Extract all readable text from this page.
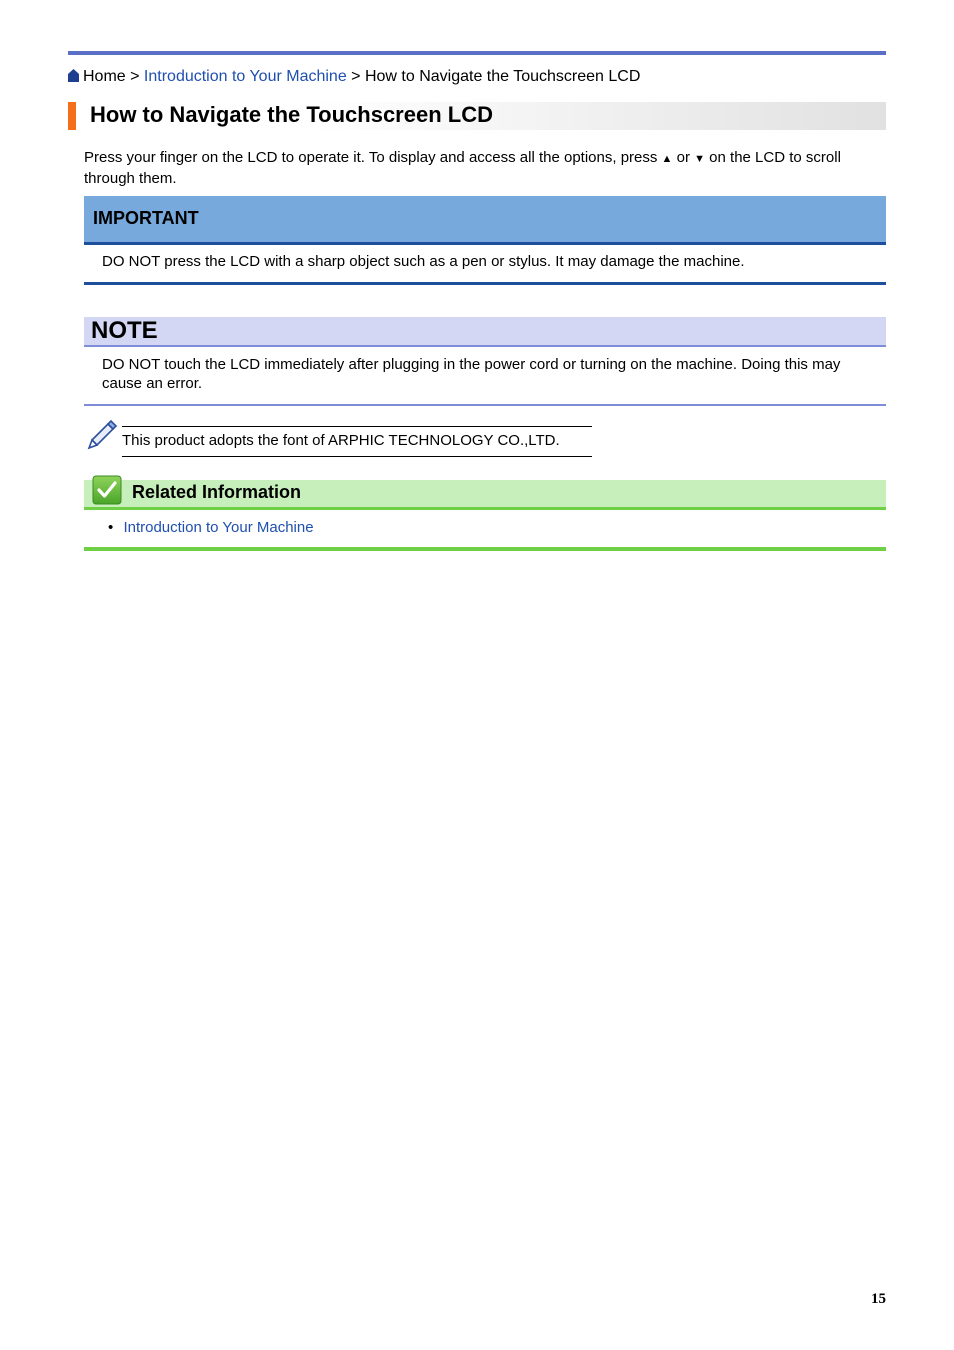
Home > Introduction to Your Machine > How to Navigate the Touchscreen LCD
How to Navigate the Touchscreen LCD
Press your finger on the LCD to operate it. To display and access all the options, press ▲ or ▼ on the LCD to scroll through them.
IMPORTANT
DO NOT press the LCD with a sharp object such as a pen or stylus. It may damage the machine.
NOTE
DO NOT touch the LCD immediately after plugging in the power cord or turning on the machine. Doing this may cause an error.
This product adopts the font of ARPHIC TECHNOLOGY CO.,LTD.
Related Information
• Introduction to Your Machine
15
